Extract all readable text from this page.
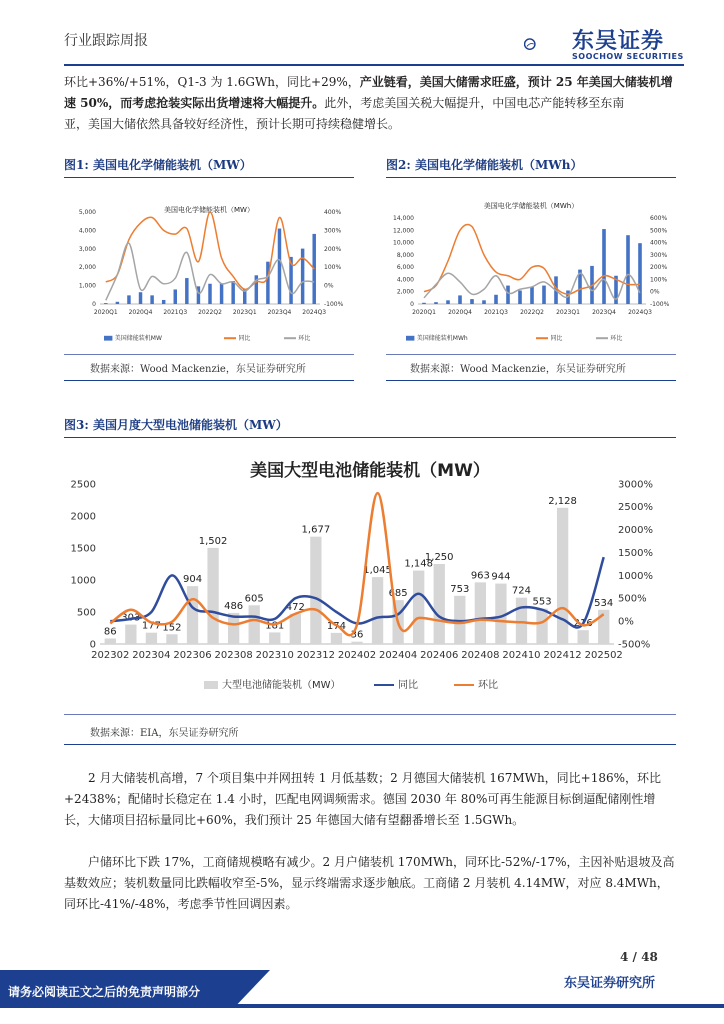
行业跟踪周报	东吴证券
SOOCHOW SECURITIES
环比+36%/+51%，Q1-3 为 1.6GWh，同比+29%，产业链看，美国大储需求旺盛，预计 25 年美国大储装机增
速 50%，而考虑抢装实际出货增速将大幅提升。此外，考虑美国关税大幅提升，中国电芯产能转移至东南
亚，美国大储依然具备较好经济性，预计长期可持续稳健增长。
图1: 美国电化学储能装机（MW）	图2: 美国电化学储能装机（MWh）
美国电化学储能装机（MW）
5,000
4,000
3,000
2,000
1,000
0
400%
300%
200%
100%
0%
-100%
2020Q1 2020Q4 2021Q3 2022Q2 2023Q1 2023Q4 2024Q3
美国储能装机MW	同比	环比
美国电化学储能装机（MWh）
14,000
12,000
10,000
8,000
6,000
4,000
2,000
0
600%
500%
400%
300%
200%
100%
0%
-100%
2020Q1 2020Q4 2021Q3 2022Q2 2023Q1 2023Q4 2024Q3
美国储能装机MWh	同比	环比
数据来源：Wood Mackenzie，东吴证券研究所	数据来源：Wood Mackenzie，东吴证券研究所
图3: 美国月度大型电池储能装机（MW）
美国大型电池储能装机（MW）
2500
2000
1500
1000
500
0
3000%
2500%
2000%
1500%
1000%
500%
0%
-500%
86
303
177 152
904
1,502
486
605
181
472
1,677
174
36
1,045
685
1,148
1,250
753
963 944
724
553
2,128
216
534
202302 202304 202306 202308 202310 202312 202402 202404 202406 202408 202410 202412 202502
大型电池储能装机（MW）	同比	环比
数据来源：EIA，东吴证券研究所
2 月大储装机高增，7 个项目集中并网扭转 1 月低基数；2 月德国大储装机 167MWh，同比+186%，环比+2438%；配储时长稳定在 1.4 小时，匹配电网调频需求。德国 2030 年 80%可再生能源目标倒逼配储刚性增长，大储项目招标量同比+60%，我们预计 25 年德国大储有望翻番增长至 1.5GWh。
户储环比下跌 17%，工商储规模略有减少。2 月户储装机 170MWh，同环比-52%/-17%，主因补贴退坡及高基数效应；装机数量同比跌幅收窄至-5%，显示终端需求逐步触底。工商储 2 月装机 4.14MW，对应 8.4MWh，同环比-41%/-48%，考虑季节性回调因素。
4 / 48
请务必阅读正文之后的免责声明部分
东吴证券研究所
